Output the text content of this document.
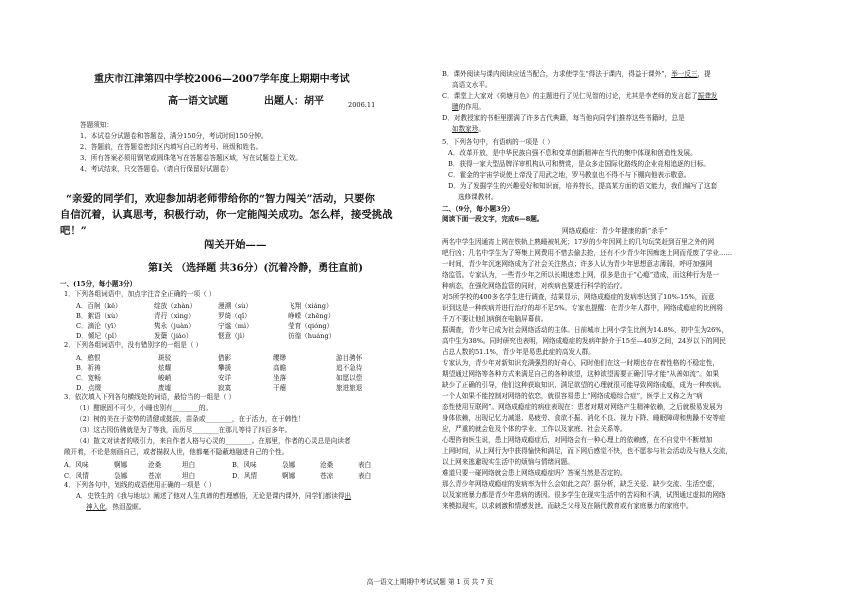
重庆市江津第四中学校2006—2007学年度上期期中考试
高一语文试题	出题人：胡平	2006.11
答题须知：
1、本试卷分试题卷和答题卷，满分150分，考试时间150分钟。
2、答题前，在答题卷密封区内填写自己的考号、班级和姓名。
3、所有答案必须用钢笔或圆珠笔写在答题卷答题区域，写在试题卷上无效。
4、考试结束，只交答题卷。（请自行保留好试题卷）
“亲爱的同学们，欢迎参加胡老师带给你的“智力闯关”活动，只要你
自信沉着，认真思考，积极行动，你一定能闯关成功。怎么样，接受挑战
吧！”
闯关开始——
第Ⅰ关 （选择题 共36分）(沉着冷静，勇往直前)
一、(15分，每小题3分）
1．下列各组词语中，加点字注音全正确的一项（ ）
A．百舸（kě）	绽放（zhàn）	漫溯（sù）	飞翔（xiáng）
B．絮语（xù）	青荇（xìng）	罗绮（qǐ）	峥嵘（zhēng）
C．滴沦（yī）	隽永（juàn）	宁谧（mì）	莹育（qióng）
D．倾圮（pǐ）	发蘖（jiào）	惬意（jì）	彷徨（huáng）
2．下列各组词语中，没有错别字的一组是（ ）
A．憨恨	斑驳	借影	缨缈	游目骋怀
B．祈祷	炫耀	攀援	高瞻	追不急待
C．宽畅	峻峭	安详	坐落	如愿以偿
D．点缀	废墟	寂寞	干瘪	旅进旅退
3．依次填入下列各句横线处的词语，最恰当的一组是（ ）
（1）酣眠固不可少，小睡也别有________的。
（2）树的美在于姿势的清健或挺拔，苗条或________，在于活力，在于韩性！
（3）这古园仿佛就是为了等我，而历尽________在那儿等待了四百多年。
（4）散文对读者的吸引力，来自作者人格与心灵的________。在那里，作者的心灵总是向读者
敞开着，不论是刻画自己，或者描叙人世，他都毫不隐蔽地融进自己的个性。
A．风味	婀娜	沧桑	坦白	B．风味	袅娜	沧桑	表白
C．风情	袅娜	苍凉	坦白	D．风情	婀娜	苍凉	表白
4．下列各句中，划线的成语使用正确的一项是（ ）
A．史铁生的《我与地坛》阐述了他对人生真谛的哲理感悟，无论是课内课外，同学们都读得出
神入化，热泪盈眶。
B．课外阅读与课内阅读应适当配合，力求使学生“得法于课内，得益于课外”，举一反三，提
高语文水平。
C．课堂上大家对《荷塘月色》的主题进行了见仁见智的讨论，尤其是李老师的发言起了振聋发
聩的作用。
D．对教授家的书柜里摆满了许多古代典籍，每当他向同学们推荐这些书籍时，总是
如数家珍。
5．下列各句中，有语病的一项是（ ）
A．改革开放，是中华民族自强不息和变革创新精神在当代的集中体现和创造性发展。
B．获得一家大型品牌洋审机构认可和赞赏，是众多走国际化路线的企业竞相追逐的目标。
C．霍金的宇宙学说使上帝没了用武之地，罗马教皇也不得不与下棚向他表示敬意。
D．为了发掘学生的兴趣爱好和知识面，培养特长，提高某方面的语文能力，我们编写了这套
选修课教材。
二、（9分，每小题3分）
阅读下面一段文字，完成6—8题。
网络成瘾症：青少年健康的新“杀手”
两名中学生因通宵上网在铁轨上熟睡被轧死；17岁的少年因网上的几句玩笑赶到百里之外的网
吧行凶；几名中学生为了筹集上网费用不惜去偷去抢，还有不少青少年因痴迷上网而荒废了学业……
一时间，青少年沉迷网络成为了社会关注热点；许多人认为青少年思想意志薄弱，呼吁加强网
络监管。专家认为，一些青少年之所以长期迷恋上网，很多是由于“心瘾”造成，而这种行为是一
种病态，在强化网络监管的同时，对疾病也要进行科学的治疗。
对5所学校的400多名学生进行调查，结果显示，网络成瘾症的发病率达到了10%-15%，而意
识到这是一种疾病并进行治疗的却不足5%。专家也提醒：在青少年人群中，网络成瘾症的比例将
千万不要让他们病倒在电脑屏幕前。
据调查，青少年已成为社会网络活动的主体。日前城市上网小学生比例为14.8%，初中生为26%，
高中生为38%。同时研究也表明，网络成瘾症的发病年龄介于15至—40岁之间，24岁以下的网民
占总人数的51.1%，青少年是易患此症的高发人群。
专家认为，青少年对新知识充满强烈的好奇心，同时他们在这一时期也存在着性格的不稳定性，
期望通过网络等各种方式来满足自己的各种欲望，这种欲望需要正确引导才能“从善如流”。如果
缺少了正确的引导，他们这种获取知识、满足欲望的心理就很可能导致网络成瘾，成为一种疾病。
一个人如果不能控制对网络的依恋，就很容易患上“网络成瘾综合症”，医学上又称之为“病
态性使用互联网”。网络成瘾症的病症表现在：患者对期对网络产生精神依赖，之后就极易发展为
身体依赖，出现记忆力减退、易疲劳、食欲不振、消化不良、视力下降、睡眠障碍和焦躁不安等症
应，严重的就会危及个体的学业、工作以及家庭、社会关系等。
心理咨询医生说，患上网络成瘾症后，对网络会有一种心理上的依赖感，在不自觉中不断增加
上网时间，从上网行为中获得愉快和满足，而下网后感觉不快，也不愿参与社会活动及与他人交流，
以上网来逃避现实生活中的烦恼与情绪问题。
难道只要一碰网络就会患上网络成瘾症吗？答案当然是否定的。
那么青少年网络成瘾症的发病率为什么会如此之高？据分析，缺乏关爱、缺少交流、生活空虚，
以及家庭暴力都是青少年患病的诱因。很多学生在现实生活中的苦闷和不满，试图通过虚拟的网络
来模拟现实，以求刺激和情感发泄。而缺乏父母及在隔代教育或有家庭暴力的家庭中。
高一语文上期期中考试试题 第 1 页 共 7 页
